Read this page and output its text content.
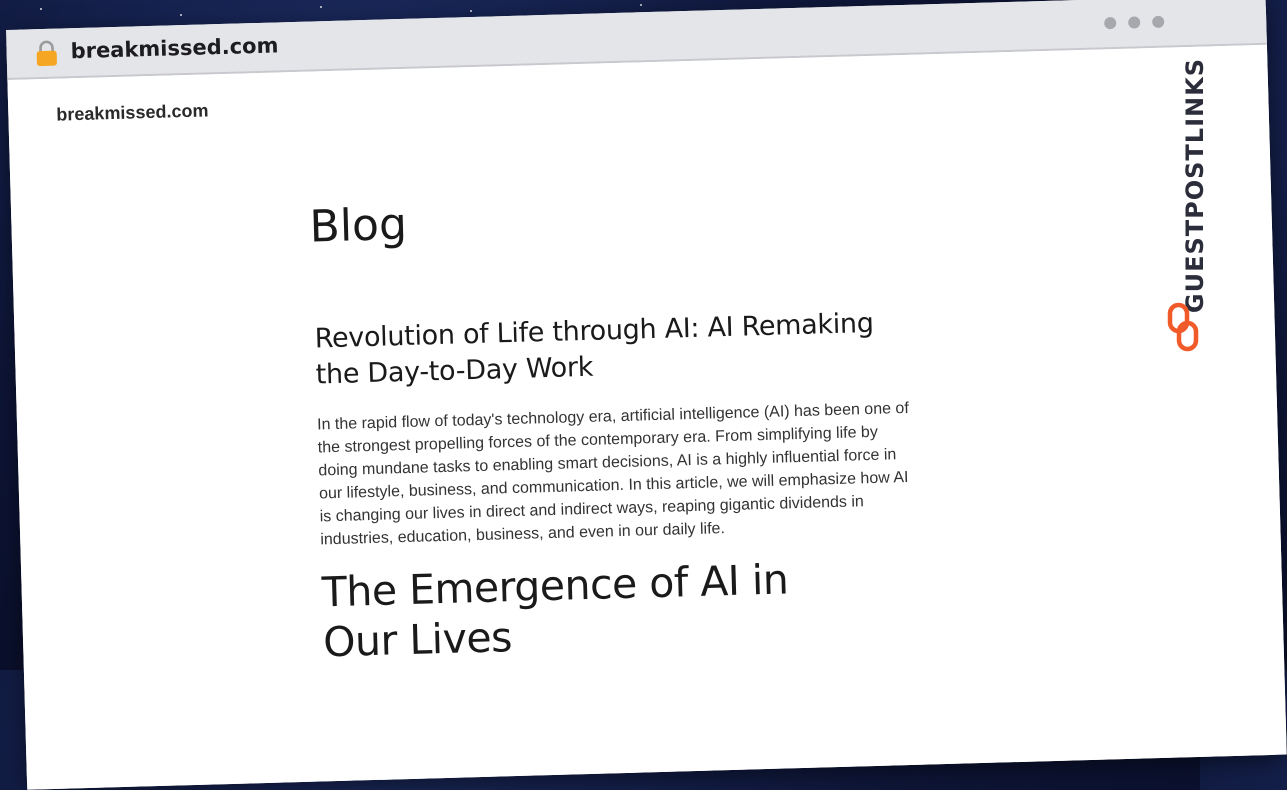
breakmissed.com
breakmissed.com
Blog
Revolution of Life through AI: AI Remaking the Day-to-Day Work

In the rapid flow of today's technology era, artificial intelligence (AI) has been one of the strongest propelling forces of the contemporary era. From simplifying life by doing mundane tasks to enabling smart decisions, AI is a highly influential force in our lifestyle, business, and communication. In this article, we will emphasize how AI is changing our lives in direct and indirect ways, reaping gigantic dividends in industries, education, business, and even in our daily life.

The Emergence of AI in Our Lives
GUESTPOSTLINKS
